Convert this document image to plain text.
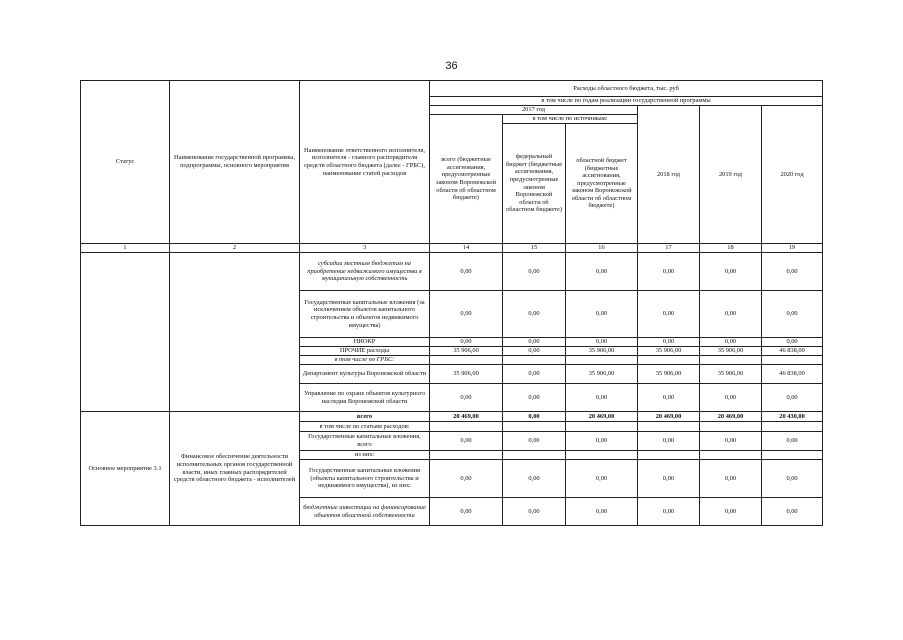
36
Статус	Наименование государственной программы, подпрограммы, основного мероприятия	Наименование ответственного исполнителя, исполнителя - главного распорядителя средств областного бюджета (далее - ГРБС), наименование статей расходов	Расходы областного бюджета, тыс. руб					
			в том числе по годам реализации государственной программы					
			2017 год			2018 год	2019 год	2020 год
			всего (бюджетные ассигнования, предусмотренные законом Воронежской области об областном бюджете)	в том числе по источникам:				
				федеральный бюджет (бюджетные ассигнования, предусмотренные законом Воронежской области об областном бюджете)	областной бюджет (бюджетные ассигнования, предусмотренные законом Воронежской области об областном бюджете)			
1	2	3	14	15	16	17	18	19
		субсидии местным бюджетам на приобретение недвижимого имущества в муниципальную собственность	0,00	0,00	0,00	0,00	0,00	0,00
		Государственные капитальные вложения (за исключением объектов капитального строительства и объектов недвижимого имущества)	0,00	0,00	0,00	0,00	0,00	0,00
		НИОКР	0,00	0,00	0,00	0,00	0,00	0,00
		ПРОЧИЕ расходы	35 906,00	0,00	35 906,00	35 906,00	35 906,00	46 838,00
		в том числе по ГРБС:						
		Департамент культуры Воронежской области	35 906,00	0,00	35 906,00	35 906,00	35 906,00	46 838,00
		Управление по охране объектов культурного наследия Воронежской области	0,00	0,00	0,00	0,00	0,00	0,00
Основное мероприятие 3.1	Финансовое обеспечение деятельности исполнительных органов государственной власти, иных главных распорядителей средств областного бюджета - исполнителей	всего	20 469,00	0,00	20 469,00	20 469,00	20 469,00	20 430,00
		в том числе по статьям расходов:						
		Государственные капитальные вложения, всего	0,00	0,00	0,00	0,00	0,00	0,00
		из них:						
		Государственные капитальные вложения (объекты капитального строительства и недвижимого имущества), из них:	0,00	0,00	0,00	0,00	0,00	0,00
		бюджетные инвестиции на финансирование объектов областной собственности	0,00	0,00	0,00	0,00	0,00	0,00
